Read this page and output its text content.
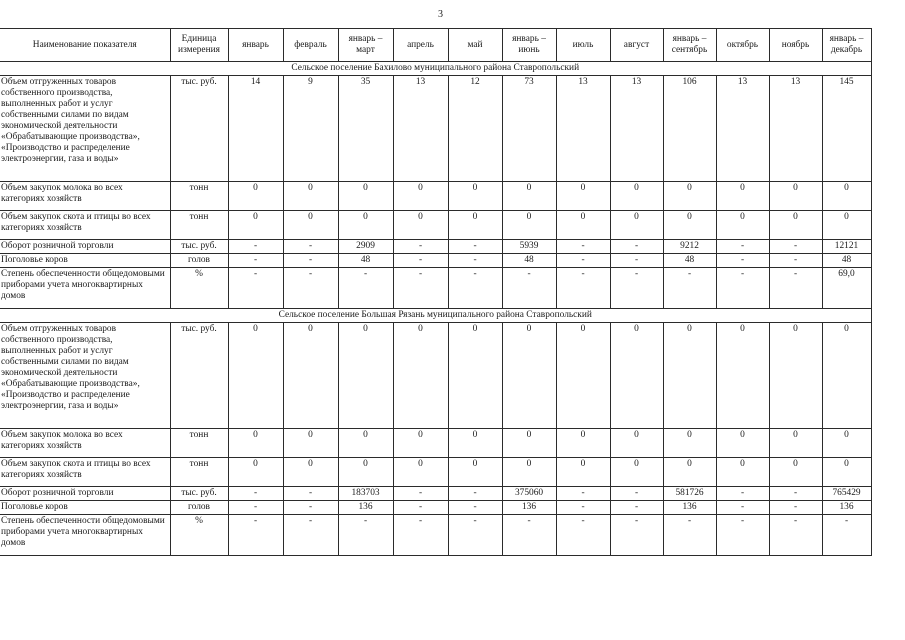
3
Наименование показателя	Единица измерения	январь	февраль	январь – март	апрель	май	январь – июнь	июль	август	январь – сентябрь	октябрь	ноябрь	январь – декабрь
Сельское поселение Бахилово муниципального района Ставропольский													
Объем отгруженных товаров собственного производства, выполненных работ и услуг собственными силами по видам экономической деятельности «Обрабатывающие производства», «Производство и распределение электроэнергии, газа и воды»	тыс. руб.	14	9	35	13	12	73	13	13	106	13	13	145
Объем закупок молока во всех категориях хозяйств	тонн	0	0	0	0	0	0	0	0	0	0	0	0
Объем закупок скота и птицы во всех категориях хозяйств	тонн	0	0	0	0	0	0	0	0	0	0	0	0
Оборот розничной торговли	тыс. руб.	-	-	2909	-	-	5939	-	-	9212	-	-	12121
Поголовье коров	голов	-	-	48	-	-	48	-	-	48	-	-	48
Степень обеспеченности общедомовыми приборами учета многоквартирных домов	%	-	-	-	-	-	-	-	-	-	-	-	69,0
Сельское поселение Большая Рязань муниципального района Ставропольский													
Объем отгруженных товаров собственного производства, выполненных работ и услуг собственными силами по видам экономической деятельности «Обрабатывающие производства», «Производство и распределение электроэнергии, газа и воды»	тыс. руб.	0	0	0	0	0	0	0	0	0	0	0	0
Объем закупок молока во всех категориях хозяйств	тонн	0	0	0	0	0	0	0	0	0	0	0	0
Объем закупок скота и птицы во всех категориях хозяйств	тонн	0	0	0	0	0	0	0	0	0	0	0	0
Оборот розничной торговли	тыс. руб.	-	-	183703	-	-	375060	-	-	581726	-	-	765429
Поголовье коров	голов	-	-	136	-	-	136	-	-	136	-	-	136
Степень обеспеченности общедомовыми приборами учета многоквартирных домов	%	-	-	-	-	-	-	-	-	-	-	-	-
